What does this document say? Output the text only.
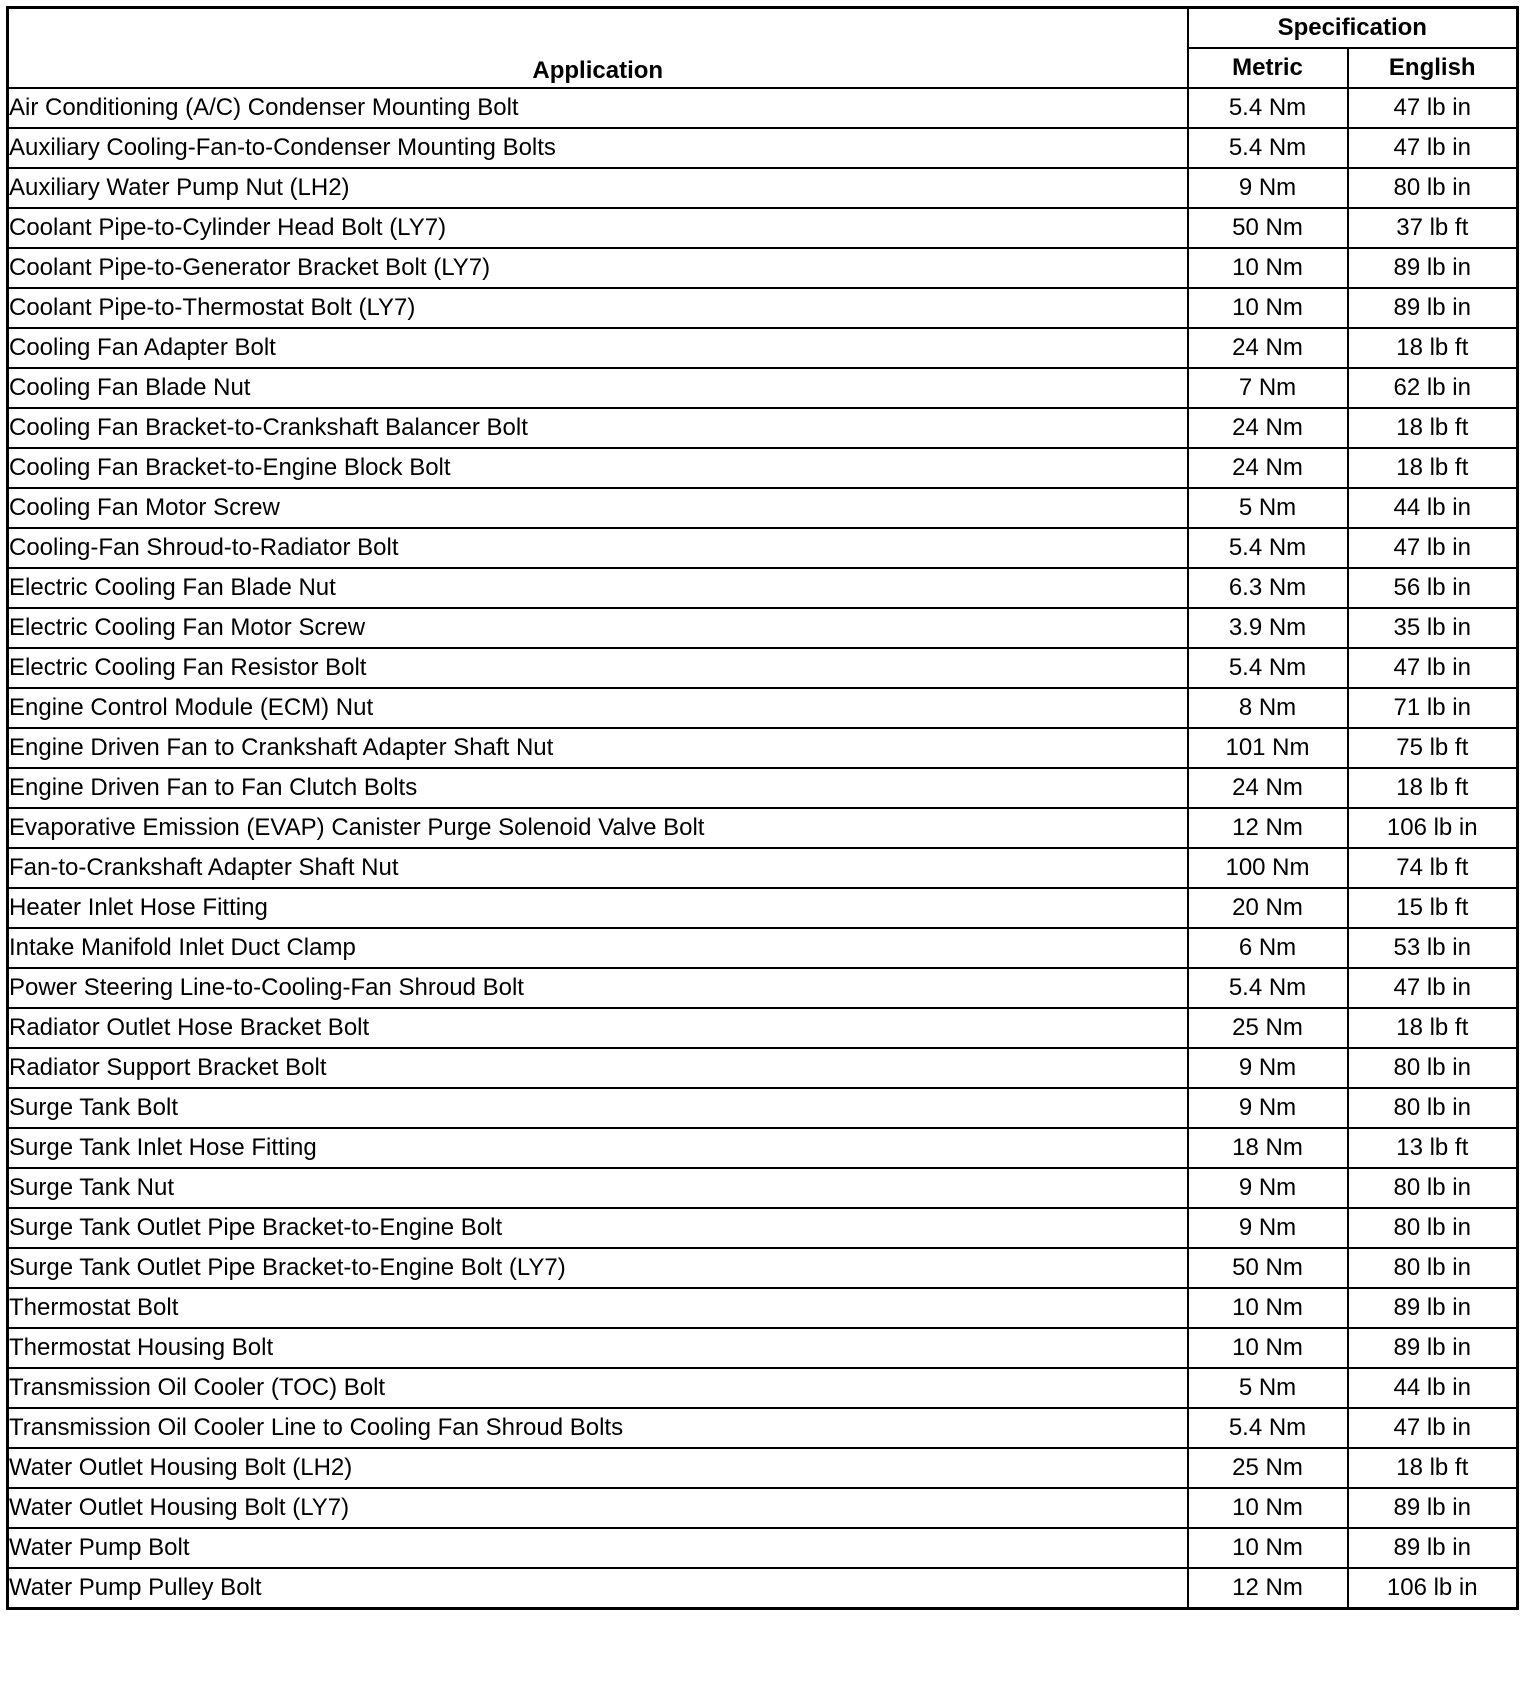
Application	Specification	
	Metric	English
Air Conditioning (A/C) Condenser Mounting Bolt	5.4 Nm	47 lb in
Auxiliary Cooling-Fan-to-Condenser Mounting Bolts	5.4 Nm	47 lb in
Auxiliary Water Pump Nut (LH2)	9 Nm	80 lb in
Coolant Pipe-to-Cylinder Head Bolt (LY7)	50 Nm	37 lb ft
Coolant Pipe-to-Generator Bracket Bolt (LY7)	10 Nm	89 lb in
Coolant Pipe-to-Thermostat Bolt (LY7)	10 Nm	89 lb in
Cooling Fan Adapter Bolt	24 Nm	18 lb ft
Cooling Fan Blade Nut	7 Nm	62 lb in
Cooling Fan Bracket-to-Crankshaft Balancer Bolt	24 Nm	18 lb ft
Cooling Fan Bracket-to-Engine Block Bolt	24 Nm	18 lb ft
Cooling Fan Motor Screw	5 Nm	44 lb in
Cooling-Fan Shroud-to-Radiator Bolt	5.4 Nm	47 lb in
Electric Cooling Fan Blade Nut	6.3 Nm	56 lb in
Electric Cooling Fan Motor Screw	3.9 Nm	35 lb in
Electric Cooling Fan Resistor Bolt	5.4 Nm	47 lb in
Engine Control Module (ECM) Nut	8 Nm	71 lb in
Engine Driven Fan to Crankshaft Adapter Shaft Nut	101 Nm	75 lb ft
Engine Driven Fan to Fan Clutch Bolts	24 Nm	18 lb ft
Evaporative Emission (EVAP) Canister Purge Solenoid Valve Bolt	12 Nm	106 lb in
Fan-to-Crankshaft Adapter Shaft Nut	100 Nm	74 lb ft
Heater Inlet Hose Fitting	20 Nm	15 lb ft
Intake Manifold Inlet Duct Clamp	6 Nm	53 lb in
Power Steering Line-to-Cooling-Fan Shroud Bolt	5.4 Nm	47 lb in
Radiator Outlet Hose Bracket Bolt	25 Nm	18 lb ft
Radiator Support Bracket Bolt	9 Nm	80 lb in
Surge Tank Bolt	9 Nm	80 lb in
Surge Tank Inlet Hose Fitting	18 Nm	13 lb ft
Surge Tank Nut	9 Nm	80 lb in
Surge Tank Outlet Pipe Bracket-to-Engine Bolt	9 Nm	80 lb in
Surge Tank Outlet Pipe Bracket-to-Engine Bolt (LY7)	50 Nm	80 lb in
Thermostat Bolt	10 Nm	89 lb in
Thermostat Housing Bolt	10 Nm	89 lb in
Transmission Oil Cooler (TOC) Bolt	5 Nm	44 lb in
Transmission Oil Cooler Line to Cooling Fan Shroud Bolts	5.4 Nm	47 lb in
Water Outlet Housing Bolt (LH2)	25 Nm	18 lb ft
Water Outlet Housing Bolt (LY7)	10 Nm	89 lb in
Water Pump Bolt	10 Nm	89 lb in
Water Pump Pulley Bolt	12 Nm	106 lb in
